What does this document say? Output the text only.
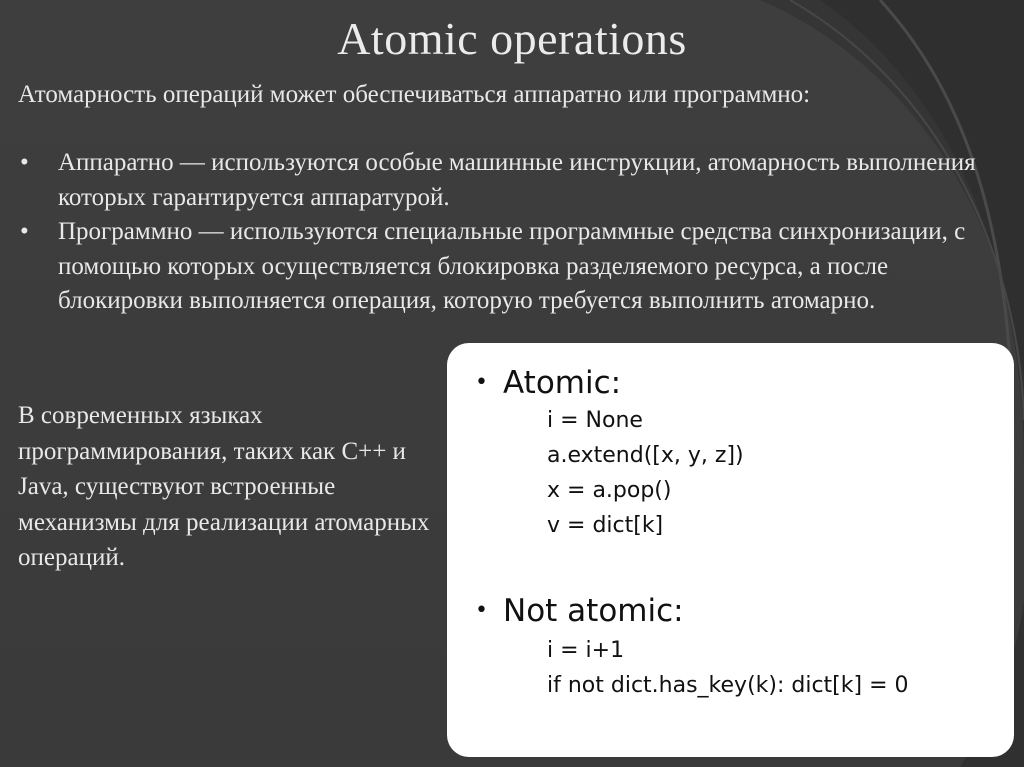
Atomic operations
Атомарность операций может обеспечиваться аппаратно или программно:
• Аппаратно — используются особые машинные инструкции, атомарность выполнения которых гарантируется аппаратурой.
• Программно — используются специальные программные средства синхронизации, с помощью которых осуществляется блокировка разделяемого ресурса, а после блокировки выполняется операция, которую требуется выполнить атомарно.
В современных языках программирования, таких как C++ и Java, существуют встроенные механизмы для реализации атомарных операций.
• Atomic:
i = None
a.extend([x, y, z])
x = a.pop()
v = dict[k]
• Not atomic:
i = i+1
if not dict.has_key(k): dict[k] = 0
